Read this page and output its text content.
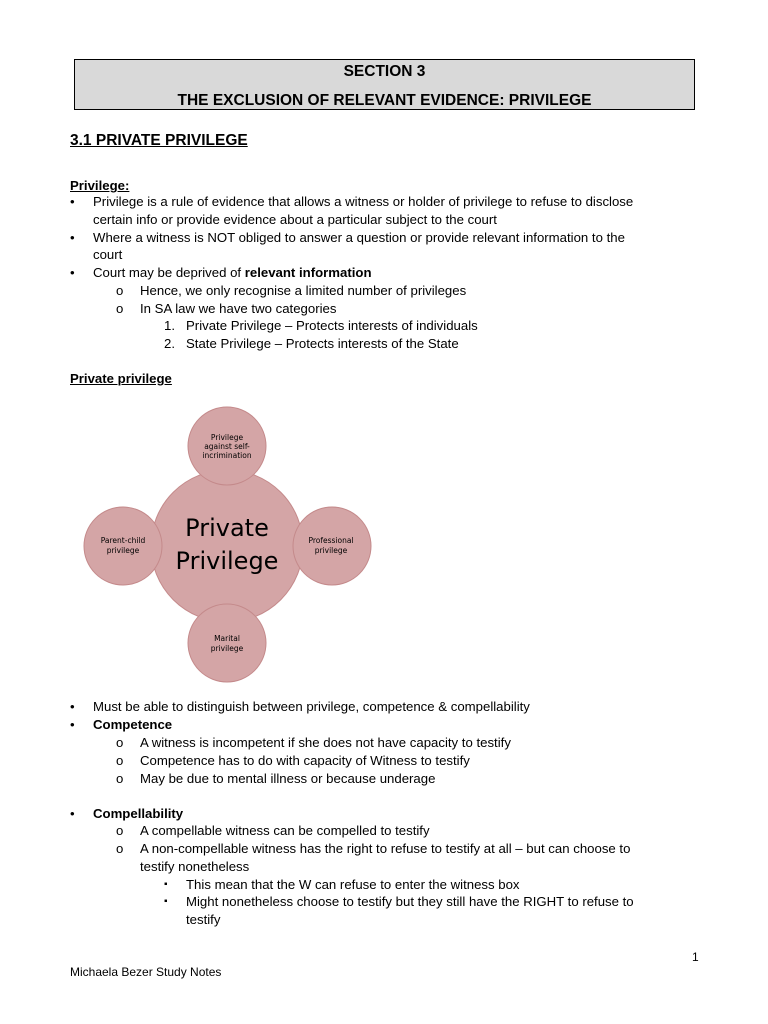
SECTION 3
THE EXCLUSION OF RELEVANT EVIDENCE: PRIVILEGE
3.1 PRIVATE PRIVILEGE
Privilege:
• Privilege is a rule of evidence that allows a witness or holder of privilege to refuse to disclose
certain info or provide evidence about a particular subject to the court
• Where a witness is NOT obliged to answer a question or provide relevant information to the
court
• Court may be deprived of relevant information
o Hence, we only recognise a limited number of privileges
o In SA law we have two categories
1. Private Privilege – Protects interests of individuals
2. State Privilege – Protects interests of the State
Private privilege
Private
Privilege
Privilege
against self-
incrimination
Parent-child
privilege
Professional
privilege
Marital
privilege
• Must be able to distinguish between privilege, competence & compellability
• Competence
o A witness is incompetent if she does not have capacity to testify
o Competence has to do with capacity of Witness to testify
o May be due to mental illness or because underage
• Compellability
o A compellable witness can be compelled to testify
o A non-compellable witness has the right to refuse to testify at all – but can choose to
testify nonetheless
▪ This mean that the W can refuse to enter the witness box
▪ Might nonetheless choose to testify but they still have the RIGHT to refuse to
testify
1
Michaela Bezer Study Notes
